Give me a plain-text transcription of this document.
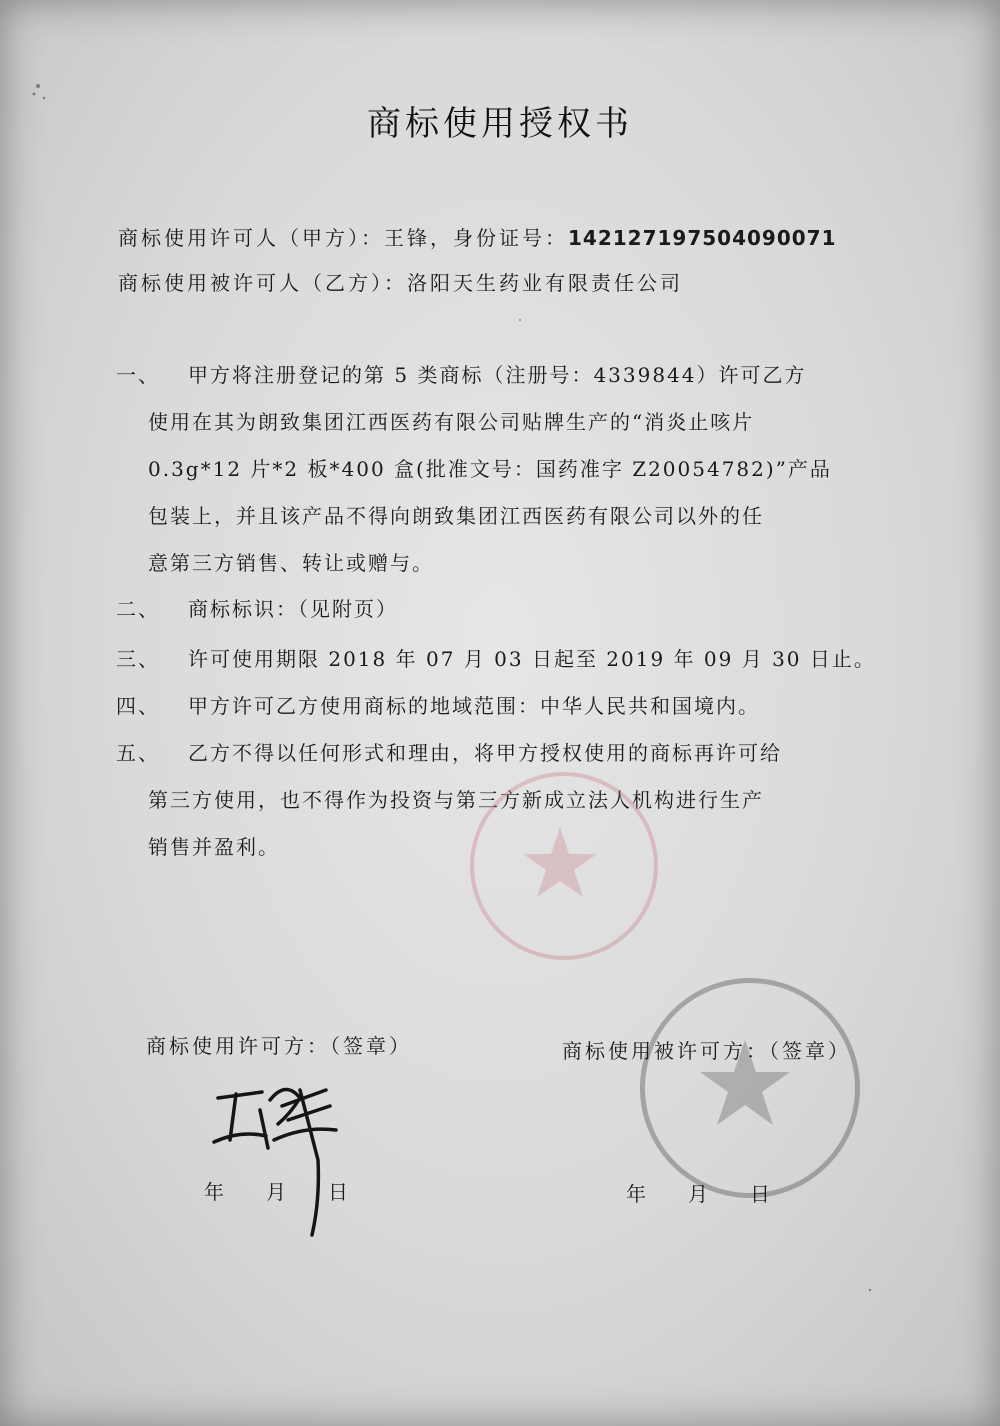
商标使用授权书
商标使用许可人（甲方）：王锋，身份证号：142127197504090071
商标使用被许可人（乙方）：洛阳天生药业有限责任公司
一、 甲方将注册登记的第 5 类商标（注册号：4339844）许可乙方
使用在其为朗致集团江西医药有限公司贴牌生产的“消炎止咳片
0.3g*12 片*2 板*400 盒(批准文号：国药准字 Z20054782)”产品
包装上，并且该产品不得向朗致集团江西医药有限公司以外的任
意第三方销售、转让或赠与。
二、 商标标识：（见附页）
三、 许可使用期限 2018 年 07 月 03 日起至 2019 年 09 月 30 日止。
四、 甲方许可乙方使用商标的地域范围：中华人民共和国境内。
五、 乙方不得以任何形式和理由，将甲方授权使用的商标再许可给
第三方使用，也不得作为投资与第三方新成立法人机构进行生产
销售并盈利。
商标使用许可方：（签章）	商标使用被许可方：（签章）
年 月 日	年 月 日
